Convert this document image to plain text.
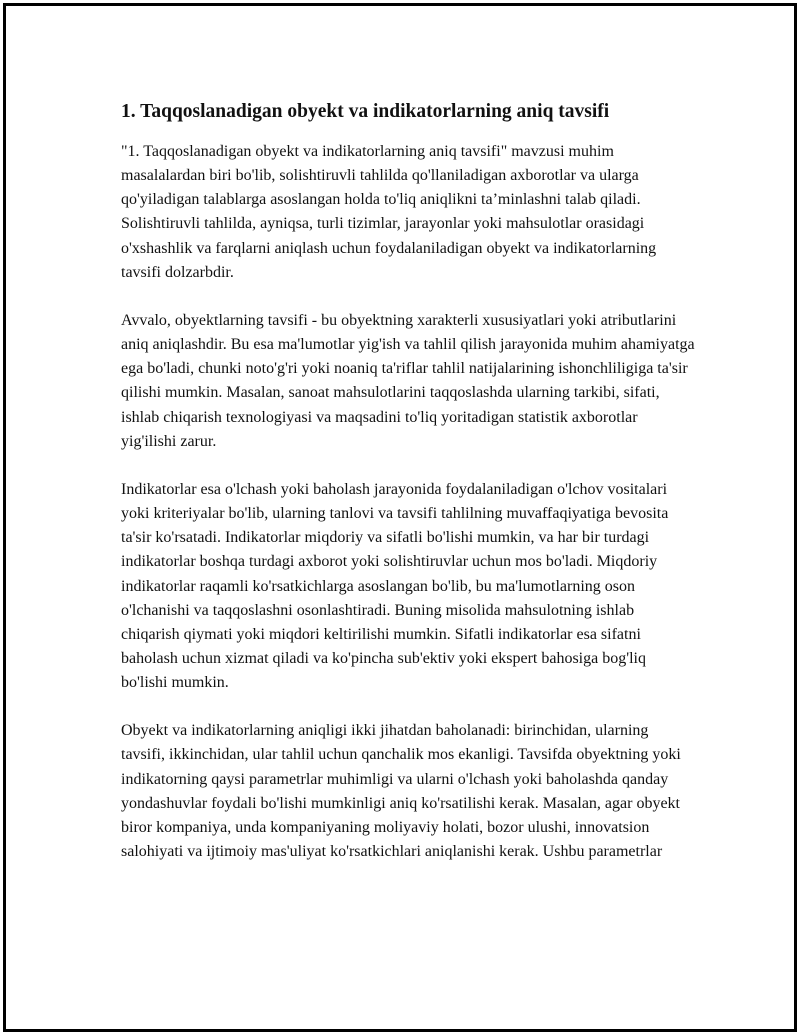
1. Taqqoslanadigan obyekt va indikatorlarning aniq tavsifi

"1. Taqqoslanadigan obyekt va indikatorlarning aniq tavsifi" mavzusi muhim masalalardan biri bo'lib, solishtiruvli tahlilda qo'llaniladigan axborotlar va ularga qo'yiladigan talablarga asoslangan holda to'liq aniqlikni ta’minlashni talab qiladi. Solishtiruvli tahlilda, ayniqsa, turli tizimlar, jarayonlar yoki mahsulotlar orasidagi o'xshashlik va farqlarni aniqlash uchun foydalaniladigan obyekt va indikatorlarning tavsifi dolzarbdir.

Avvalo, obyektlarning tavsifi - bu obyektning xarakterli xususiyatlari yoki atributlarini aniq aniqlashdir. Bu esa ma'lumotlar yig'ish va tahlil qilish jarayonida muhim ahamiyatga ega bo'ladi, chunki noto'g'ri yoki noaniq ta'riflar tahlil natijalarining ishonchliligiga ta'sir qilishi mumkin. Masalan, sanoat mahsulotlarini taqqoslashda ularning tarkibi, sifati, ishlab chiqarish texnologiyasi va maqsadini to'liq yoritadigan statistik axborotlar yig'ilishi zarur.

Indikatorlar esa o'lchash yoki baholash jarayonida foydalaniladigan o'lchov vositalari yoki kriteriyalar bo'lib, ularning tanlovi va tavsifi tahlilning muvaffaqiyatiga bevosita ta'sir ko'rsatadi. Indikatorlar miqdoriy va sifatli bo'lishi mumkin, va har bir turdagi indikatorlar boshqa turdagi axborot yoki solishtiruvlar uchun mos bo'ladi. Miqdoriy indikatorlar raqamli ko'rsatkichlarga asoslangan bo'lib, bu ma'lumotlarning oson o'lchanishi va taqqoslashni osonlashtiradi. Buning misolida mahsulotning ishlab chiqarish qiymati yoki miqdori keltirilishi mumkin. Sifatli indikatorlar esa sifatni baholash uchun xizmat qiladi va ko'pincha sub'ektiv yoki ekspert bahosiga bog'liq bo'lishi mumkin.

Obyekt va indikatorlarning aniqligi ikki jihatdan baholanadi: birinchidan, ularning tavsifi, ikkinchidan, ular tahlil uchun qanchalik mos ekanligi. Tavsifda obyektning yoki indikatorning qaysi parametrlar muhimligi va ularni o'lchash yoki baholashda qanday yondashuvlar foydali bo'lishi mumkinligi aniq ko'rsatilishi kerak. Masalan, agar obyekt biror kompaniya, unda kompaniyaning moliyaviy holati, bozor ulushi, innovatsion salohiyati va ijtimoiy mas'uliyat ko'rsatkichlari aniqlanishi kerak. Ushbu parametrlar
